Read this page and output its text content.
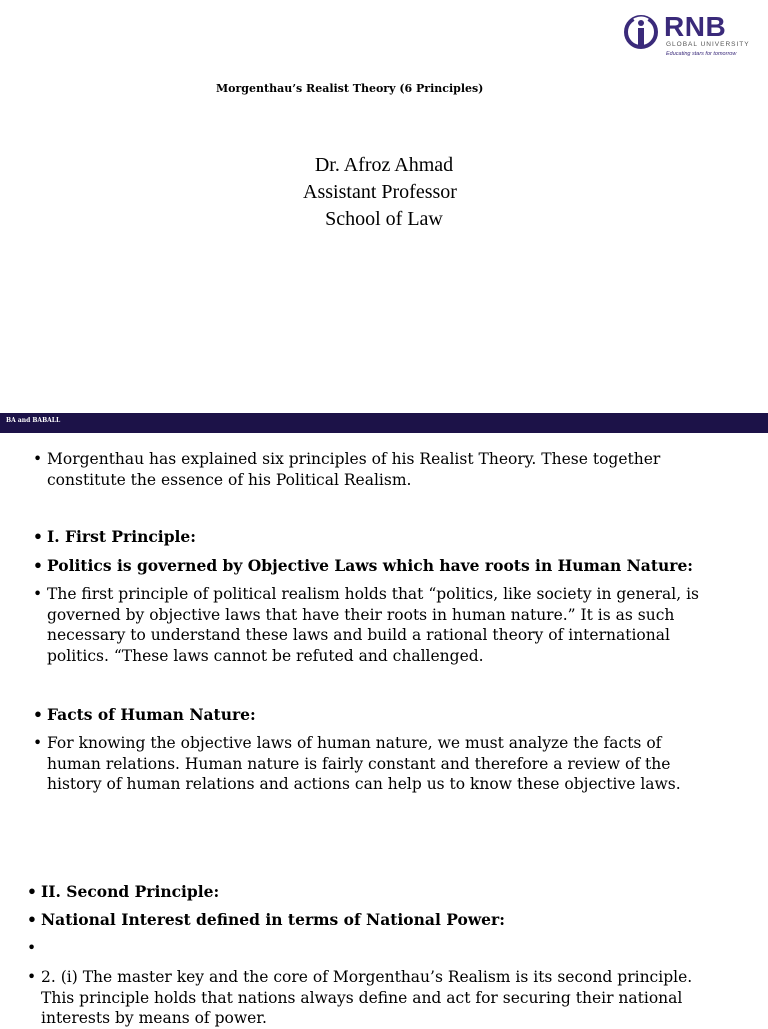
RNB
GLOBAL UNIVERSITY
Educating stars for tomorrow
Morgenthau’s Realist Theory (6 Principles)
Dr. Afroz Ahmad
Assistant Professor
School of Law
BA and BABALL
• Morgenthau has explained six principles of his Realist Theory. These together constitute the essence of his Political Realism.
• I. First Principle:
• Politics is governed by Objective Laws which have roots in Human Nature:
• The first principle of political realism holds that “politics, like society in general, is governed by objective laws that have their roots in human nature.” It is as such necessary to understand these laws and build a rational theory of international politics. “These laws cannot be refuted and challenged.
• Facts of Human Nature:
• For knowing the objective laws of human nature, we must analyze the facts of human relations. Human nature is fairly constant and therefore a review of the history of human relations and actions can help us to know these objective laws.
• II. Second Principle:
• National Interest defined in terms of National Power:
•
• 2. (i) The master key and the core of Morgenthau’s Realism is its second principle. This principle holds that nations always define and act for securing their national interests by means of power.
